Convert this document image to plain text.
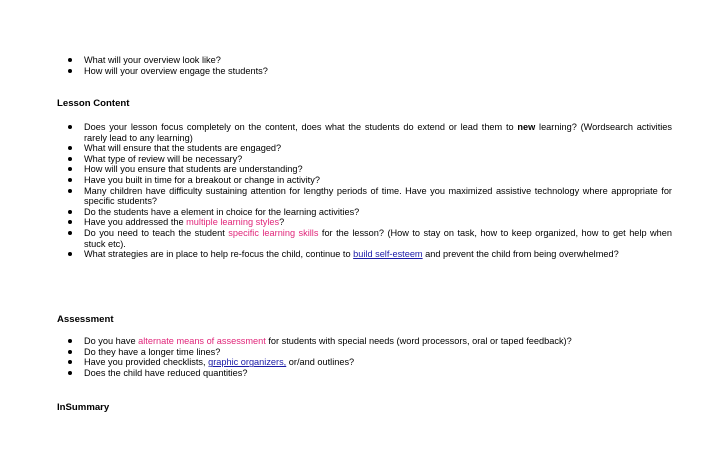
What will your overview look like?
How will your overview engage the students?
Lesson Content
Does your lesson focus completely on the content, does what the students do extend or lead them to new learning? (Wordsearch activities rarely lead to any learning)
What will ensure that the students are engaged?
What type of review will be necessary?
How will you ensure that students are understanding?
Have you built in time for a breakout or change in activity?
Many children have difficulty sustaining attention for lengthy periods of time. Have you maximized assistive technology where appropriate for specific students?
Do the students have a element in choice for the learning activities?
Have you addressed the multiple learning styles?
Do you need to teach the student specific learning skills for the lesson? (How to stay on task, how to keep organized, how to get help when stuck etc).
What strategies are in place to help re-focus the child, continue to build self-esteem and prevent the child from being overwhelmed?
Assessment
Do you have alternate means of assessment for students with special needs (word processors, oral or taped feedback)?
Do they have a longer time lines?
Have you provided checklists, graphic organizers, or/and outlines?
Does the child have reduced quantities?
InSummary
